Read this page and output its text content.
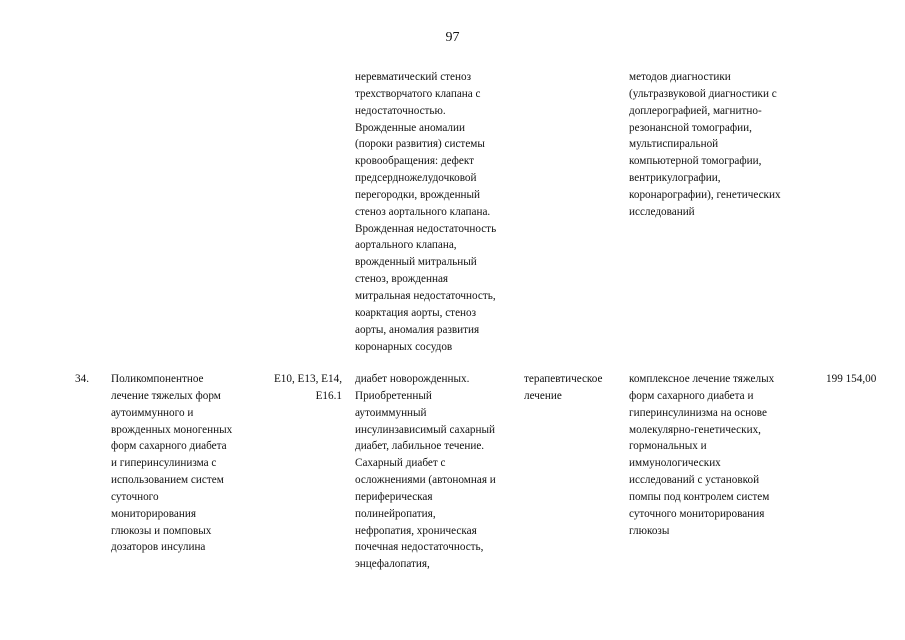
97
неревматический стеноз
трехстворчатого клапана с
недостаточностью.
Врожденные аномалии
(пороки развития) системы
кровообращения: дефект
предсердножелудочковой
перегородки, врожденный
стеноз аортального клапана.
Врожденная недостаточность
аортального клапана,
врожденный митральный
стеноз, врожденная
митральная недостаточность,
коарктация аорты, стеноз
аорты, аномалия развития
коронарных сосудов
методов диагностики
(ультразвуковой диагностики с
доплерографией, магнитно-
резонансной томографии,
мультиспиральной
компьютерной томографии,
вентрикулографии,
коронарографии), генетических
исследований
34. Поликомпонентное
лечение тяжелых форм
аутоиммунного и
врожденных моногенных
форм сахарного диабета
и гиперинсулинизма с
использованием систем
суточного
мониторирования
глюкозы и помповых
дозаторов инсулина
E10, E13, E14,
E16.1
диабет новорожденных.
Приобретенный
аутоиммунный
инсулинзависимый сахарный
диабет, лабильное течение.
Сахарный диабет с
осложнениями (автономная и
периферическая
полинейропатия,
нефропатия, хроническая
почечная недостаточность,
энцефалопатия,
терапевтическое
лечение
комплексное лечение тяжелых
форм сахарного диабета и
гиперинсулинизма на основе
молекулярно-генетических,
гормональных и
иммунологических
исследований с установкой
помпы под контролем систем
суточного мониторирования
глюкозы
199 154,00
